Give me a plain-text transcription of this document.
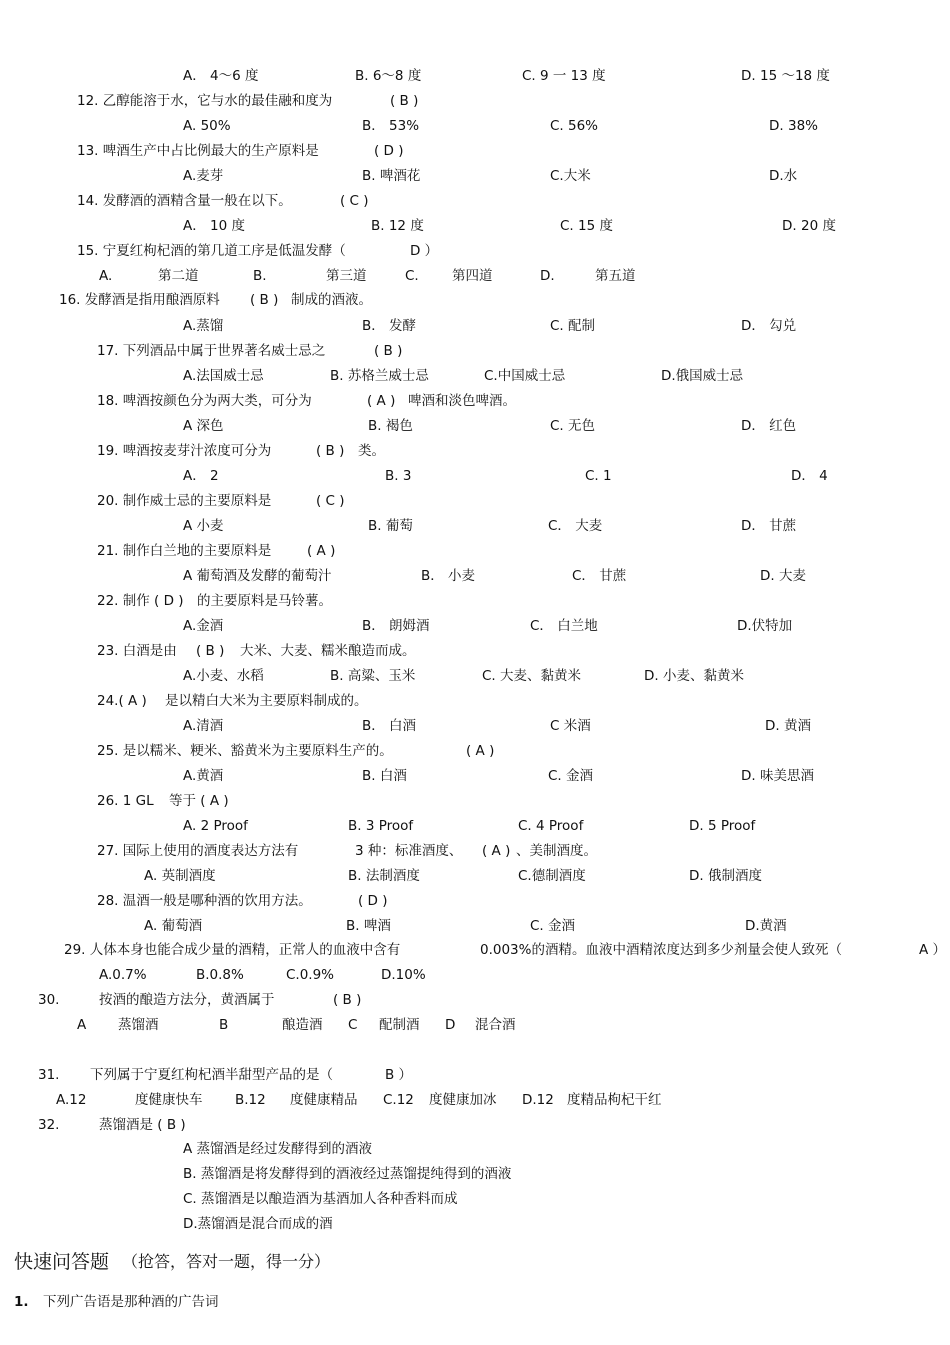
A． 4～6 度	B. 6～8 度	C. 9 一 13 度	D. 15 ～18 度
12. 乙醇能溶于水，它与水的最佳融和度为	( B )
A. 50%	B． 53%	C. 56%	D. 38%
13. 啤酒生产中占比例最大的生产原料是	( D )
A.麦芽	B. 啤酒花	C.大米	D.水
14. 发酵酒的酒精含量一般在以下。	( C )
A． 10 度	B. 12 度	C. 15 度	D. 20 度
15. 宁夏红枸杞酒的第几道工序是低温发酵（	D ）
A.	第二道	B.	第三道	C. 第四道	D.	第五道
16. 发酵酒是指用酿酒原料 ( B ) 制成的酒液。
A.蒸馏	B． 发酵	C. 配制	D． 勾兑
17. 下列酒品中属于世界著名威士忌之	( B )
A.法国威士忌	B. 苏格兰威士忌	C.中国威士忌	D.俄国威士忌
18. 啤酒按颜色分为两大类，可分为	( A ) 啤酒和淡色啤酒。
A 深色	B. 褐色	C. 无色	D． 红色
19. 啤酒按麦芽汁浓度可分为	( B ) 类。
A． 2	B. 3	C. 1	D． 4
20. 制作威士忌的主要原料是	( C )
A 小麦	B. 葡萄	C． 大麦	D． 甘蔗
21. 制作白兰地的主要原料是	( A )
A 葡萄酒及发酵的葡萄汁	B． 小麦	C． 甘蔗	D. 大麦
22. 制作 ( D ) 的主要原料是马铃薯。
A.金酒	B． 朗姆酒	C． 白兰地	D.伏特加
23. 白酒是由 ( B ) 大米、大麦、糯米酿造而成。
A.小麦、水稻	B. 高粱、玉米	C. 大麦、黏黄米	D. 小麦、黏黄米
24.( A ) 是以精白大米为主要原料制成的。
A.清酒	B． 白酒	C 米酒	D. 黄酒
25. 是以糯米、粳米、豁黄米为主要原料生产的。	( A )
A.黄酒	B. 白酒	C. 金酒	D. 味美思酒
26. 1 GL 等于 ( A )
A. 2 Proof	B. 3 Proof	C. 4 Proof	D. 5 Proof
27. 国际上使用的酒度表达方法有	3 种：标准酒度、 ( A ) 、美制酒度。
A. 英制酒度	B. 法制酒度	C.德制酒度	D. 俄制酒度
28. 温酒一般是哪种酒的饮用方法。	( D )
A. 葡萄酒	B. 啤酒	C. 金酒	D.黄酒
29. 人体本身也能合成少量的酒精，正常人的血液中含有	0.003%的酒精。血液中酒精浓度达到多少剂量会使人致死（	A ）
A.0.7%	B.0.8%	C.0.9%	D.10%
30.	按酒的酿造方法分，黄酒属于	( B )
A 蒸馏酒	B	酿造酒 C 配制酒 D 混合酒
31. 下列属于宁夏红枸杞酒半甜型产品的是（	B ）
A.12	度健康快车 B.12 度健康精品 C.12 度健康加冰 D.12 度精品枸杞干红
32.	蒸馏酒是 ( B )
A 蒸馏酒是经过发酵得到的酒液
B. 蒸馏酒是将发酵得到的酒液经过蒸馏提纯得到的酒液
C. 蒸馏酒是以酿造酒为基酒加人各种香料而成
D.蒸馏酒是混合而成的酒
快速问答题 （抢答，答对一题，得一分）
1. 下列广告语是那种酒的广告词
